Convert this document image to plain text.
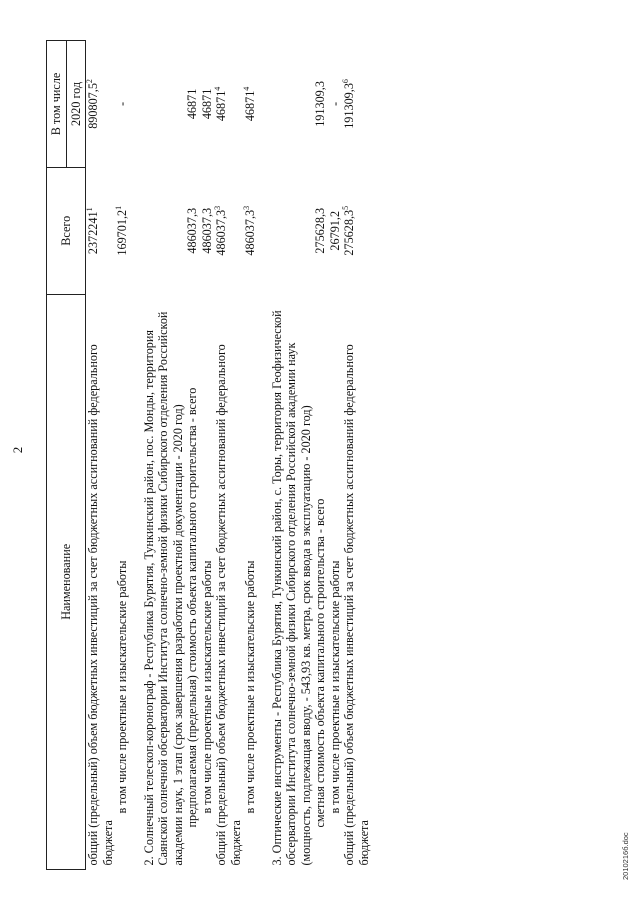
2
Наименование	Всего	В том числе
		2020 год
общий (предельный) объем бюджетных инвестиций за счет бюджетных ассигнований федерального бюджета	2372241$^1$	890807,5$^2$
в том числе проектные и изыскательские работы	169701,2$^1$	-

2. Солнечный телескоп-коронограф - Республика Бурятия, Тункинский район, пос. Монды, территория Саянской солнечной обсерватории Института солнечно-земной физики Сибирского отделения Российской академии наук, 1 этап (срок завершения разработки проектной документации - 2020 год)		
предполагаемая (предельная) стоимость объекта капитального строительства - всего	486037,3	46871
в том числе проектные и изыскательские работы	486037,3	46871
общий (предельный) объем бюджетных инвестиций за счет бюджетных ассигнований федерального бюджета	486037,3$^3$	46871$^4$
в том числе проектные и изыскательские работы	486037,3$^3$	46871$^4$

3. Оптические инструменты - Республика Бурятия, Тункинский район, с. Торы, территория Геофизической обсерватории Института солнечно-земной физики Сибирского отделения Российской академии наук (мощность, подлежащая вводу, - 543,93 кв. метра, срок ввода в эксплуатацию - 2020 год)		
сметная стоимость объекта капитального строительства - всего	275628,3	191309,3
в том числе проектные и изыскательские работы	26791,2	-
общий (предельный) объем бюджетных инвестиций за счет бюджетных ассигнований федерального бюджета	275628,3$^5$	191309,3$^6$
2010216б.doc
